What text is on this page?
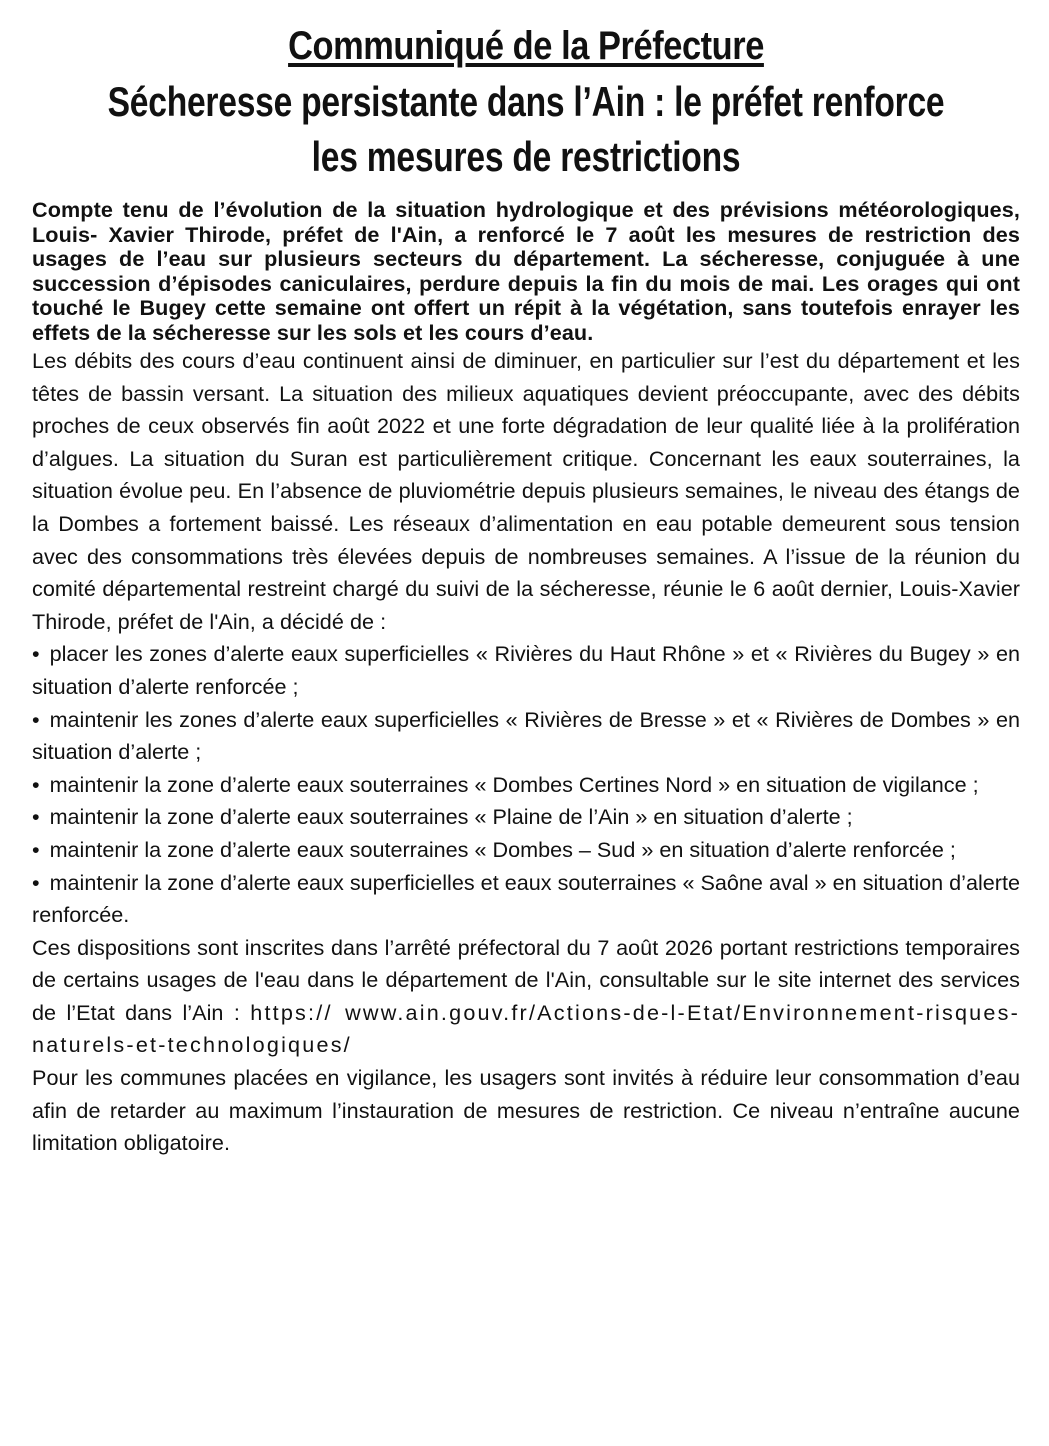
Communiqué de la Préfecture
Sécheresse persistante dans l’Ain : le préfet renforce
les mesures de restrictions

Compte tenu de l’évolution de la situation hydrologique et des prévisions météorologiques, Louis- Xavier Thirode, préfet de l'Ain, a renforcé le 7 août les mesures de restriction des usages de l’eau sur plusieurs secteurs du département. La sécheresse, conjuguée à une succession d’épisodes caniculaires, perdure depuis la fin du mois de mai. Les orages qui ont touché le Bugey cette semaine ont offert un répit à la végétation, sans toutefois enrayer les effets de la sécheresse sur les sols et les cours d’eau.

Les débits des cours d’eau continuent ainsi de diminuer, en particulier sur l’est du département et les têtes de bassin versant. La situation des milieux aquatiques devient préoccupante, avec des débits proches de ceux observés fin août 2022 et une forte dégradation de leur qualité liée à la prolifération d’algues. La situation du Suran est particulièrement critique. Concernant les eaux souterraines, la situation évolue peu. En l’absence de pluviométrie depuis plusieurs semaines, le niveau des étangs de la Dombes a fortement baissé. Les réseaux d’alimentation en eau potable demeurent sous tension avec des consommations très élevées depuis de nombreuses semaines. A l’issue de la réunion du comité départemental restreint chargé du suivi de la sécheresse, réunie le 6 août dernier, Louis-Xavier Thirode, préfet de l'Ain, a décidé de :

• placer les zones d’alerte eaux superficielles « Rivières du Haut Rhône » et « Rivières du Bugey » en situation d’alerte renforcée ;
• maintenir les zones d’alerte eaux superficielles « Rivières de Bresse » et « Rivières de Dombes » en situation d’alerte ;
• maintenir la zone d’alerte eaux souterraines « Dombes Certines Nord » en situation de vigilance ;
• maintenir la zone d’alerte eaux souterraines « Plaine de l’Ain » en situation d’alerte ;
• maintenir la zone d’alerte eaux souterraines « Dombes – Sud » en situation d’alerte renforcée ;
• maintenir la zone d’alerte eaux superficielles et eaux souterraines « Saône aval » en situation d’alerte renforcée.

Ces dispositions sont inscrites dans l’arrêté préfectoral du 7 août 2026 portant restrictions temporaires de certains usages de l'eau dans le département de l'Ain, consultable sur le site internet des services de l’Etat dans l’Ain : https:// www.ain.gouv.fr/Actions-de-l-Etat/Environnement-risques-naturels-et-technologiques/

Pour les communes placées en vigilance, les usagers sont invités à réduire leur consommation d’eau afin de retarder au maximum l’instauration de mesures de restriction. Ce niveau n’entraîne aucune limitation obligatoire.
